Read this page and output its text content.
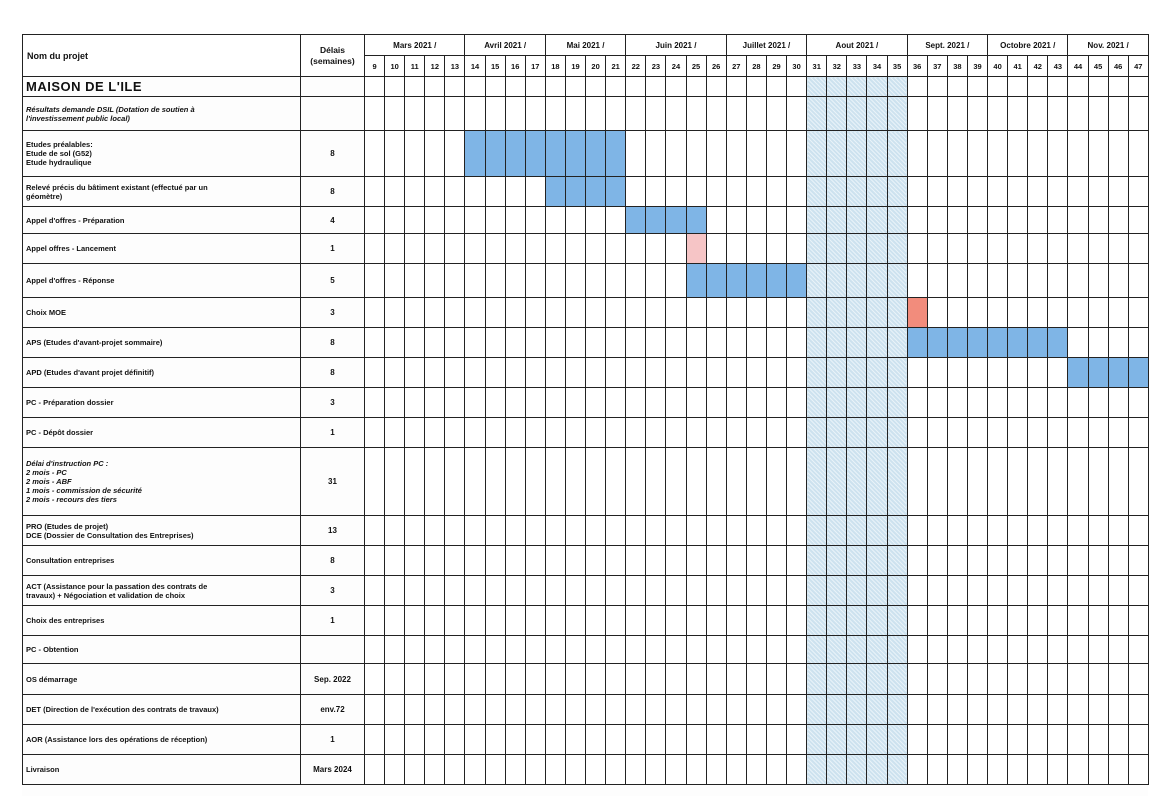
Nom du projet	Délais
(semaines)	Mars 2021 /					Avril 2021 /				Mai 2021 /				Juin 2021 /					Juillet 2021 /				Aout 2021 /					Sept. 2021 /				Octobre 2021 /				Nov. 2021 /			
		9	10	11	12	13	14	15	16	17	18	19	20	21	22	23	24	25	26	27	28	29	30	31	32	33	34	35	36	37	38	39	40	41	42	43	44	45	46	47
MAISON DE L'ILE																																								
Résultats demande DSIL (Dotation de soutien à
l'investissement public local)																																								
Etudes préalables:
Etude de sol (G52)
Etude hydraulique	8																																							
Relevé précis du bâtiment existant (effectué par un
géomètre)	8																																							
Appel d'offres - Préparation	4																																							
Appel offres - Lancement	1																																							
Appel d'offres - Réponse	5																																							
Choix MOE	3																																							
APS (Etudes d'avant-projet sommaire)	8																																							
APD (Etudes d'avant projet définitif)	8																																							
PC - Préparation dossier	3																																							
PC - Dépôt dossier	1																																							
Délai d'instruction PC :
2 mois - PC
2 mois - ABF
1 mois - commission de sécurité
2 mois - recours des tiers	31																																							
PRO (Etudes de projet)
DCE (Dossier de Consultation des Entreprises)	13																																							
Consultation entreprises	8																																							
ACT (Assistance pour la passation des contrats de
travaux) + Négociation et validation de choix	3																																							
Choix des entreprises	1																																							
PC - Obtention																																								
OS démarrage	Sep. 2022																																							
DET (Direction de l'exécution des contrats de travaux)	env.72																																							
AOR (Assistance lors des opérations de réception)	1																																							
Livraison	Mars 2024																																							
